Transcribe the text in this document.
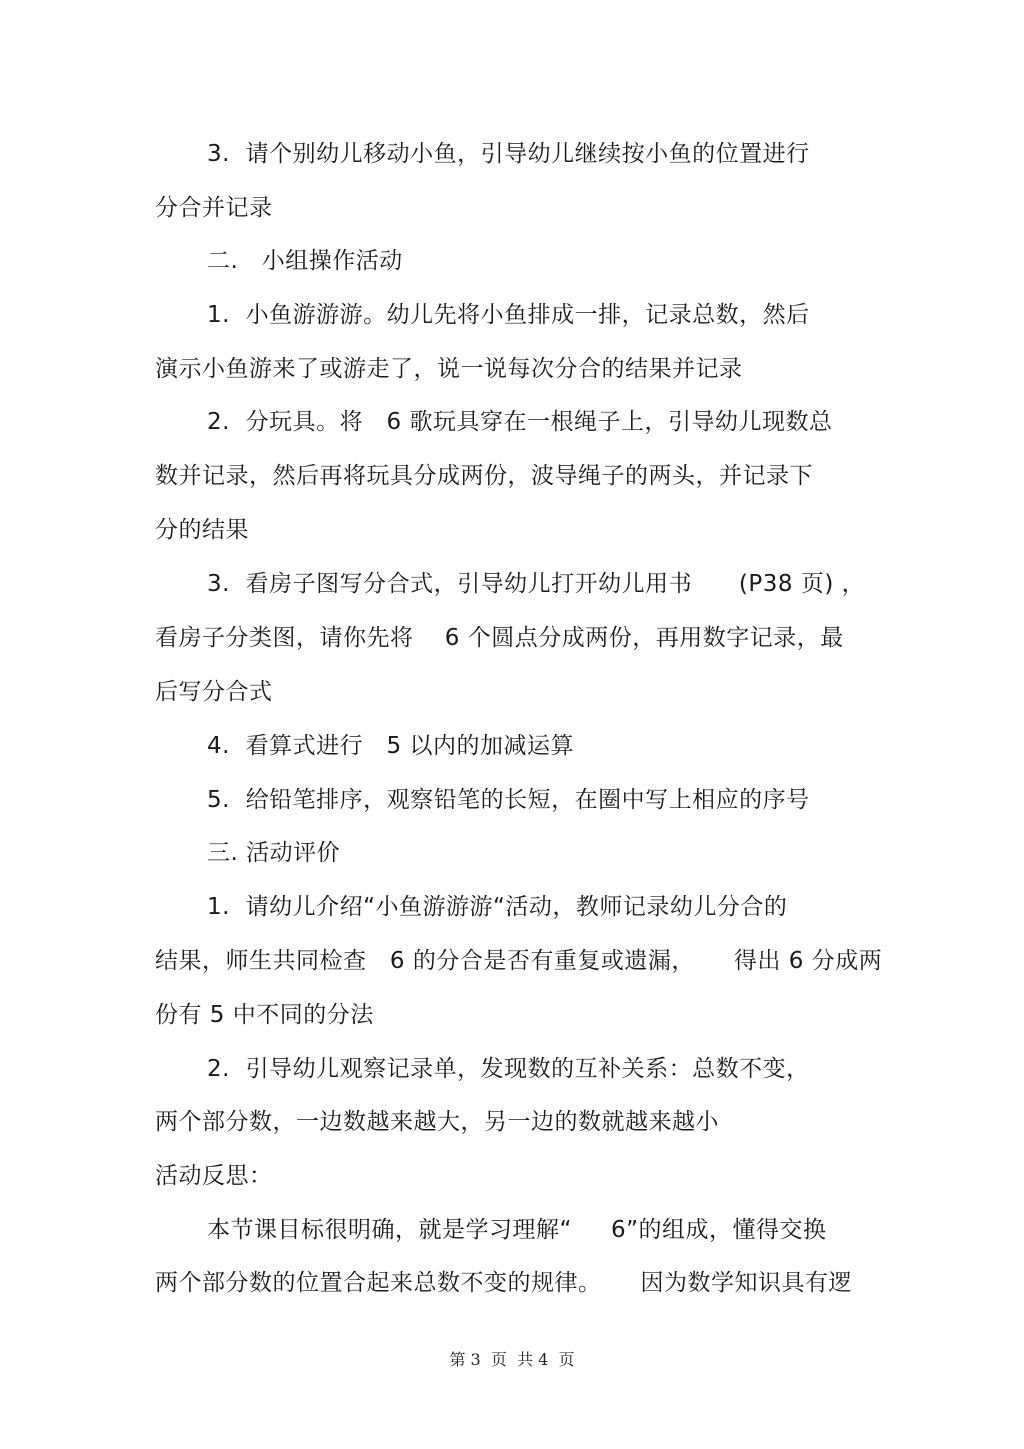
3.  请个别幼儿移动小鱼，引导幼儿继续按小鱼的位置进行
分合并记录
二.   小组操作活动
1.  小鱼游游游。幼儿先将小鱼排成一排，记录总数，然后
演示小鱼游来了或游走了，说一说每次分合的结果并记录
2.  分玩具。将   6 歌玩具穿在一根绳子上，引导幼儿现数总
数并记录，然后再将玩具分成两份，波导绳子的两头，并记录下
分的结果
3.  看房子图写分合式，引导幼儿打开幼儿用书      (P38 页) ，
看房子分类图，请你先将    6 个圆点分成两份，再用数字记录，最
后写分合式
4.  看算式进行   5 以内的加减运算
5.  给铅笔排序，观察铅笔的长短，在圈中写上相应的序号
三. 活动评价
1.  请幼儿介绍“小鱼游游游“活动，教师记录幼儿分合的
结果，师生共同检查   6 的分合是否有重复或遗漏，     得出 6 分成两
份有 5 中不同的分法
2.  引导幼儿观察记录单，发现数的互补关系：总数不变，
两个部分数，一边数越来越大，另一边的数就越来越小
活动反思：
本节课目标很明确，就是学习理解“     6”的组成，懂得交换
两个部分数的位置合起来总数不变的规律。     因为数学知识具有逻
第 3  页  共 4  页
